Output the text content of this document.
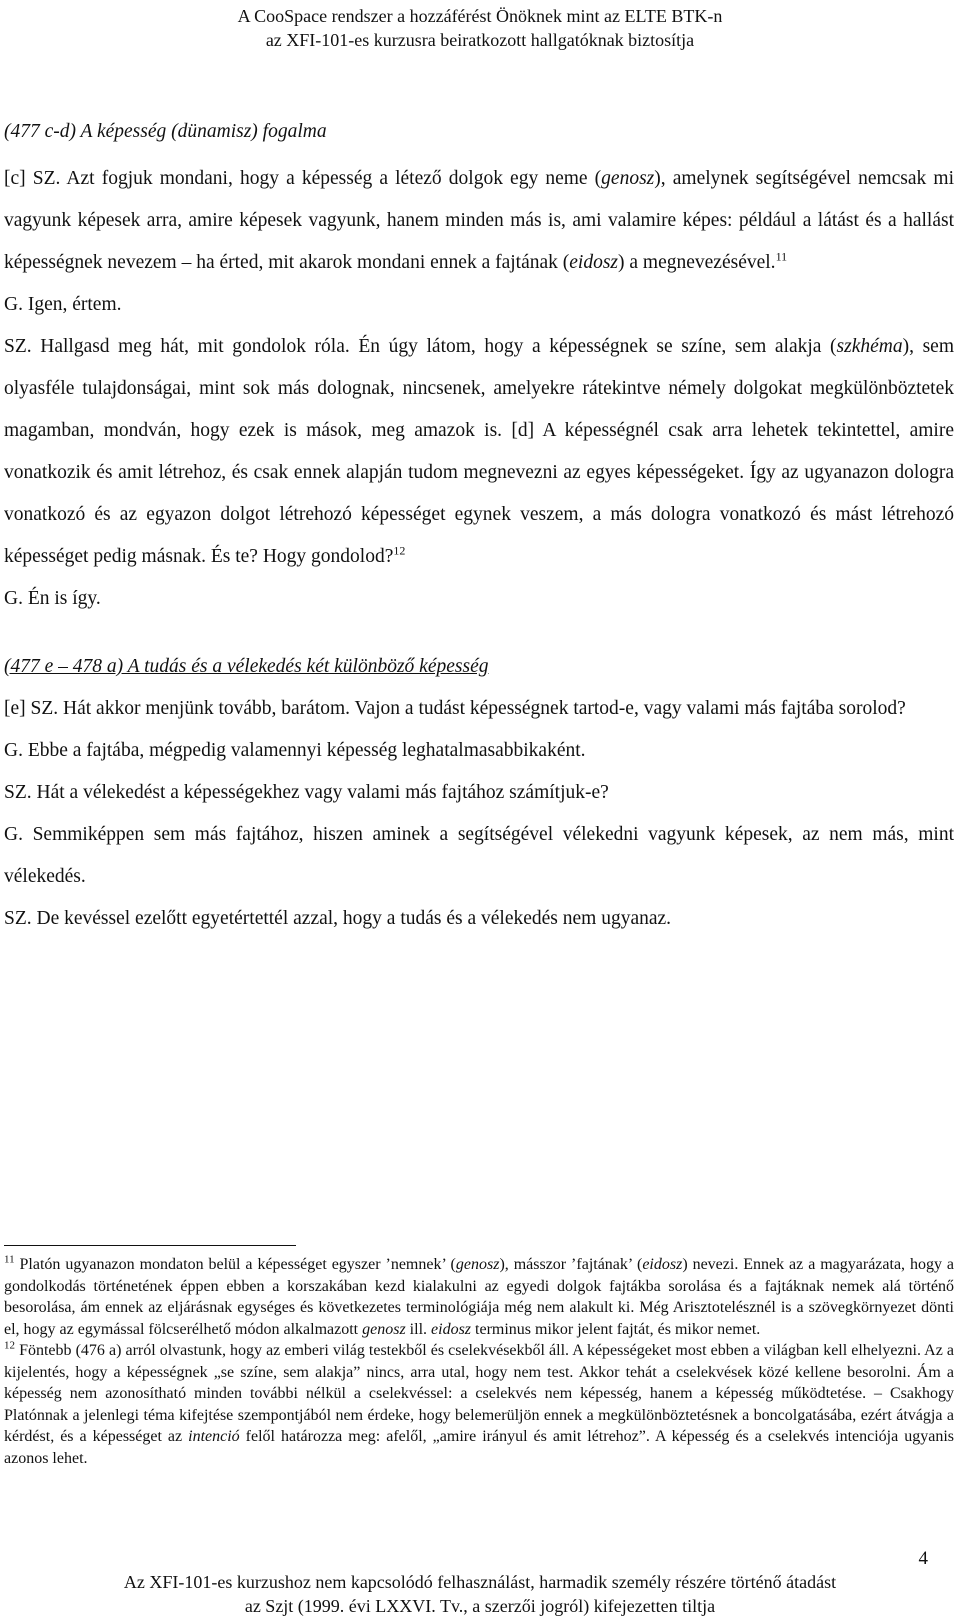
A CooSpace rendszer a hozzáférést Önöknek mint az ELTE BTK-n
az XFI-101-es kurzusra beiratkozott hallgatóknak biztosítja
(477 c-d) A képesség (dünamisz) fogalma

[c] SZ. Azt fogjuk mondani, hogy a képesség a létező dolgok egy neme (genosz), amelynek segítségével nemcsak mi vagyunk képesek arra, amire képesek vagyunk, hanem minden más is, ami valamire képes: például a látást és a hallást képességnek nevezem – ha érted, mit akarok mondani ennek a fajtának (eidosz) a megnevezésével.$^{11}$

G. Igen, értem.

SZ. Hallgasd meg hát, mit gondolok róla. Én úgy látom, hogy a képességnek se színe, sem alakja (szkhéma), sem olyasféle tulajdonságai, mint sok más dolognak, nincsenek, amelyekre rátekintve némely dolgokat megkülönböztetek magamban, mondván, hogy ezek is mások, meg amazok is. [d] A képességnél csak arra lehetek tekintettel, amire vonatkozik és amit létrehoz, és csak ennek alapján tudom megnevezni az egyes képességeket. Így az ugyanazon dologra vonatkozó és az egyazon dolgot létrehozó képességet egynek veszem, a más dologra vonatkozó és mást létrehozó képességet pedig másnak. És te? Hogy gondolod?$^{12}$

G. Én is így.

(477 e – 478 a) A tudás és a vélekedés két különböző képesség

[e] SZ. Hát akkor menjünk tovább, barátom. Vajon a tudást képességnek tartod-e, vagy valami más fajtába sorolod?

G. Ebbe a fajtába, mégpedig valamennyi képesség leghatalmasabbikaként.

SZ. Hát a vélekedést a képességekhez vagy valami más fajtához számítjuk-e?

G. Semmiképpen sem más fajtához, hiszen aminek a segítségével vélekedni vagyunk képesek, az nem más, mint vélekedés.

SZ. De kevéssel ezelőtt egyetértettél azzal, hogy a tudás és a vélekedés nem ugyanaz.

$^{11}$ Platón ugyanazon mondaton belül a képességet egyszer ’nemnek’ (genosz), másszor ’fajtának’ (eidosz) nevezi. Ennek az a magyarázata, hogy a gondolkodás történetének éppen ebben a korszakában kezd kialakulni az egyedi dolgok fajtákba sorolása és a fajtáknak nemek alá történő besorolása, ám ennek az eljárásnak egységes és következetes terminológiája még nem alakult ki. Még Arisztotelésznél is a szövegkörnyezet dönti el, hogy az egymással fölcserélhető módon alkalmazott genosz ill. eidosz terminus mikor jelent fajtát, és mikor nemet.

$^{12}$ Föntebb (476 a) arról olvastunk, hogy az emberi világ testekből és cselekvésekből áll. A képességeket most ebben a világban kell elhelyezni. Az a kijelentés, hogy a képességnek „se színe, sem alakja” nincs, arra utal, hogy nem test. Akkor tehát a cselekvések közé kellene besorolni. Ám a képesség nem azonosítható minden további nélkül a cselekvéssel: a cselekvés nem képesség, hanem a képesség működtetése. – Csakhogy Platónnak a jelenlegi téma kifejtése szempontjából nem érdeke, hogy belemerüljön ennek a megkülönböztetésnek a boncolgatásába, ezért átvágja a kérdést, és a képességet az intenció felől határozza meg: afelől, „amire irányul és amit létrehoz”. A képesség és a cselekvés intenciója ugyanis azonos lehet.

4
Az XFI-101-es kurzushoz nem kapcsolódó felhasználást, harmadik személy részére történő átadást
az Szjt (1999. évi LXXVI. Tv., a szerzői jogról) kifejezetten tiltja
